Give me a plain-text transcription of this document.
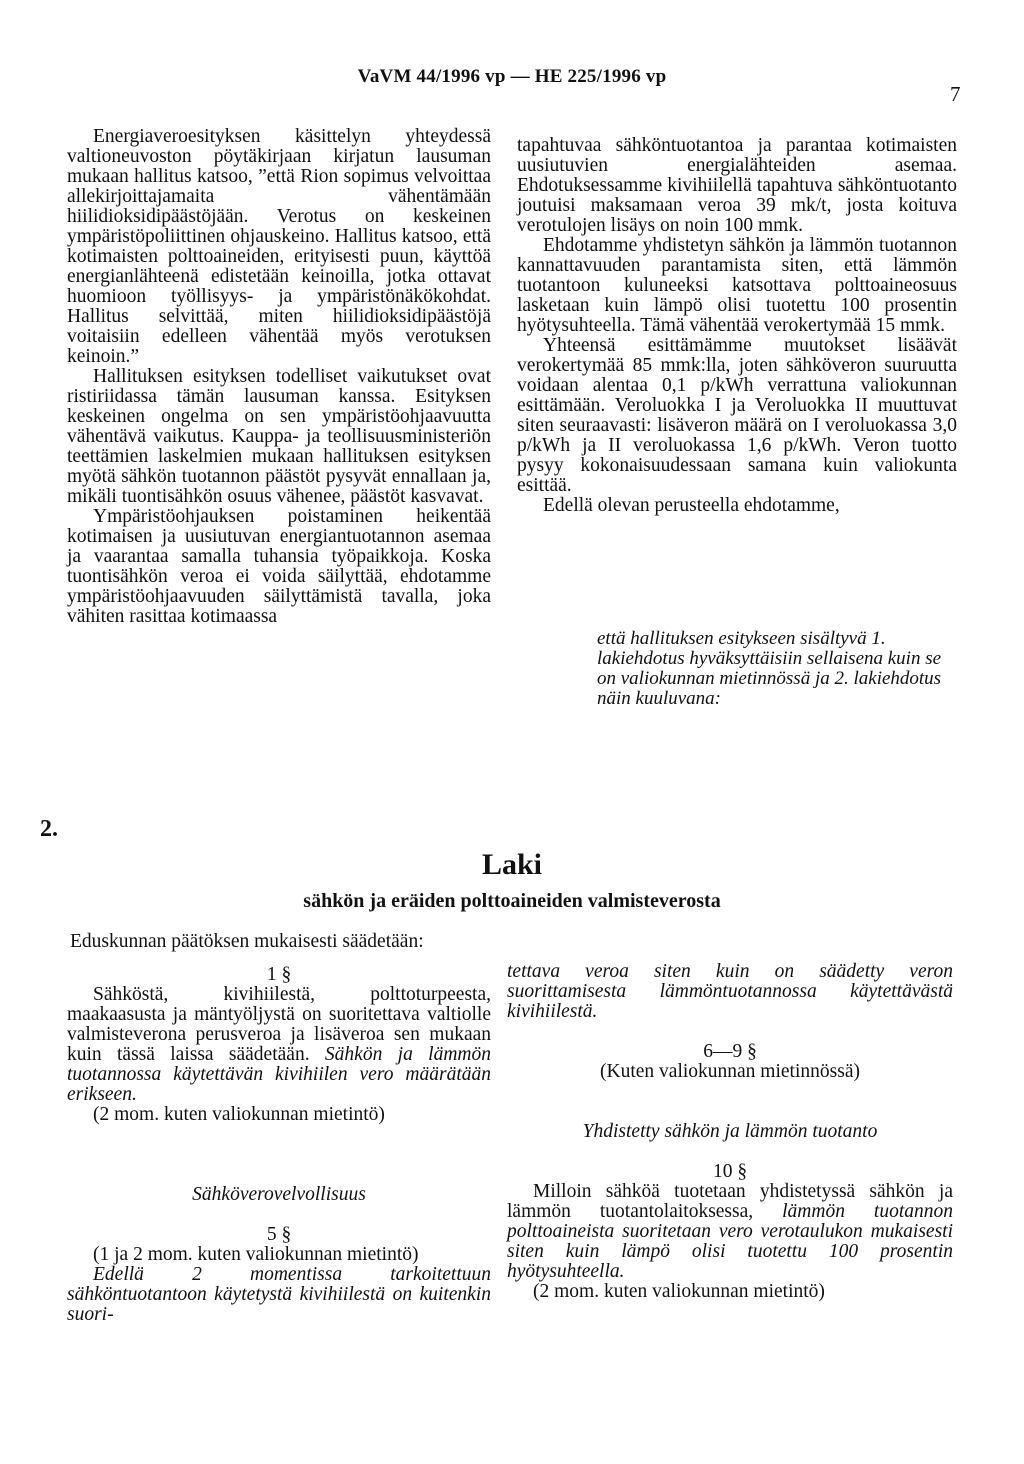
VaVM 44/1996 vp — HE 225/1996 vp
7

Energiaveroesityksen käsittelyn yhteydessä valtioneuvoston pöytäkirjaan kirjatun lausuman mukaan hallitus katsoo, ”että Rion sopimus velvoittaa allekirjoittajamaita vähentämään hiilidioksidipäästöjään. Verotus on keskeinen ympäristöpoliittinen ohjauskeino. Hallitus katsoo, että kotimaisten polttoaineiden, erityisesti puun, käyttöä energianlähteenä edistetään keinoilla, jotka ottavat huomioon työllisyys- ja ympäristönäkökohdat. Hallitus selvittää, miten hiilidioksidipäästöjä voitaisiin edelleen vähentää myös verotuksen keinoin.”

Hallituksen esityksen todelliset vaikutukset ovat ristiriidassa tämän lausuman kanssa. Esityksen keskeinen ongelma on sen ympäristöohjaavuutta vähentävä vaikutus. Kauppa- ja teollisuusministeriön teettämien laskelmien mukaan hallituksen esityksen myötä sähkön tuotannon päästöt pysyvät ennallaan ja, mikäli tuontisähkön osuus vähenee, päästöt kasvavat.

Ympäristöohjauksen poistaminen heikentää kotimaisen ja uusiutuvan energiantuotannon asemaa ja vaarantaa samalla tuhansia työpaikkoja. Koska tuontisähkön veroa ei voida säilyttää, ehdotamme ympäristöohjaavuuden säilyttämistä tavalla, joka vähiten rasittaa kotimaassa

tapahtuvaa sähköntuotantoa ja parantaa kotimaisten uusiutuvien energialähteiden asemaa. Ehdotuksessamme kivihiilellä tapahtuva sähköntuotanto joutuisi maksamaan veroa 39 mk/t, josta koituva verotulojen lisäys on noin 100 mmk.

Ehdotamme yhdistetyn sähkön ja lämmön tuotannon kannattavuuden parantamista siten, että lämmön tuotantoon kuluneeksi katsottava polttoaineosuus lasketaan kuin lämpö olisi tuotettu 100 prosentin hyötysuhteella. Tämä vähentää verokertymää 15 mmk.

Yhteensä esittämämme muutokset lisäävät verokertymää 85 mmk:lla, joten sähköveron suuruutta voidaan alentaa 0,1 p/kWh verrattuna valiokunnan esittämään. Veroluokka I ja Veroluokka II muuttuvat siten seuraavasti: lisäveron määrä on I veroluokassa 3,0 p/kWh ja II veroluokassa 1,6 p/kWh. Veron tuotto pysyy kokonaisuudessaan samana kuin valiokunta esittää.

Edellä olevan perusteella ehdotamme,

että hallituksen esitykseen sisältyvä 1. lakiehdotus hyväksyttäisiin sellaisena kuin se on valiokunnan mietinnössä ja 2. lakiehdotus näin kuuluvana:
2.
Laki
sähkön ja eräiden polttoaineiden valmisteverosta
Eduskunnan päätöksen mukaisesti säädetään:
1 §

Sähköstä, kivihiilestä, polttoturpeesta, maakaasusta ja mäntyöljystä on suoritettava valtiolle valmisteverona perusveroa ja lisäveroa sen mukaan kuin tässä laissa säädetään. Sähkön ja lämmön tuotannossa käytettävän kivihiilen vero määrätään erikseen.

(2 mom. kuten valiokunnan mietintö)

Sähköverovelvollisuus
5 §

(1 ja 2 mom. kuten valiokunnan mietintö)

Edellä 2 momentissa tarkoitettuun sähköntuotantoon käytetystä kivihiilestä on kuitenkin suori-

tettava veroa siten kuin on säädetty veron suorittamisesta lämmöntuotannossa käytettävästä kivihiilestä.

6—9 §
(Kuten valiokunnan mietinnössä)
Yhdistetty sähkön ja lämmön tuotanto
10 §

Milloin sähköä tuotetaan yhdistetyssä sähkön ja lämmön tuotantolaitoksessa, lämmön tuotannon polttoaineista suoritetaan vero verotaulukon mukaisesti siten kuin lämpö olisi tuotettu 100 prosentin hyötysuhteella.

(2 mom. kuten valiokunnan mietintö)
